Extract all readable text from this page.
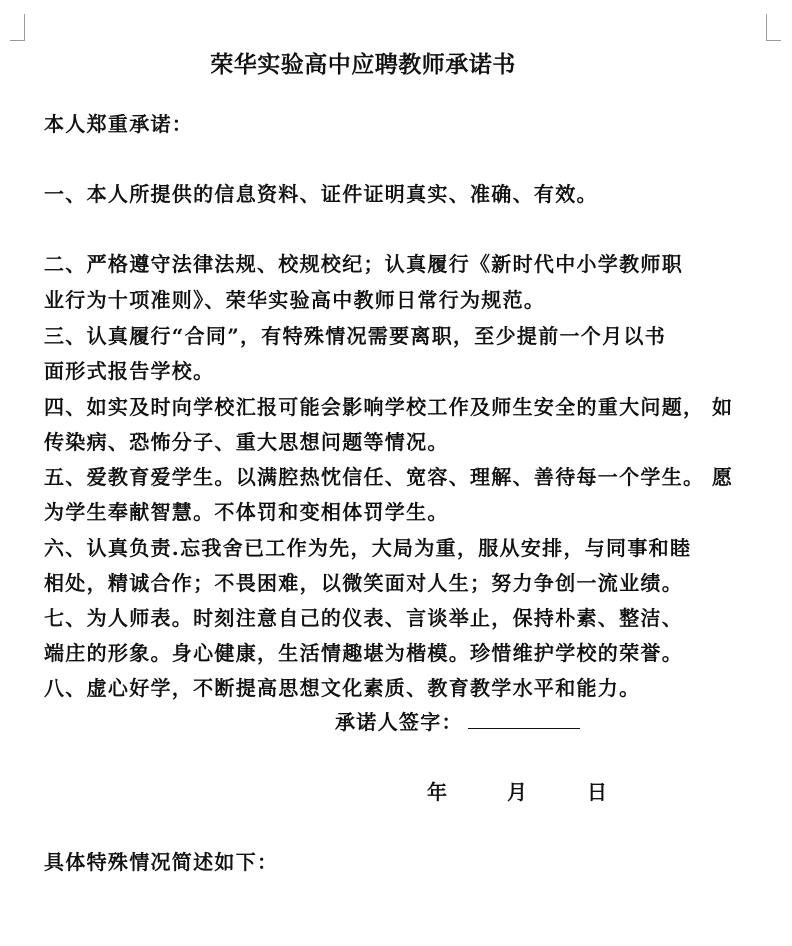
荣华实验高中应聘教师承诺书
本人郑重承诺：
一、本人所提供的信息资料、证件证明真实、准确、有效。
二、严格遵守法律法规、校规校纪；认真履行《新时代中小学教师职
业行为十项准则》、荣华实验高中教师日常行为规范。
三、认真履行“合同”，有特殊情况需要离职，至少提前一个月以书
面形式报告学校。
四、如实及时向学校汇报可能会影响学校工作及师生安全的重大问题， 如
传染病、恐怖分子、重大思想问题等情况。
五、爱教育爱学生。以满腔热忱信任、宽容、理解、善待每一个学生。 愿
为学生奉献智慧。不体罚和变相体罚学生。
六、认真负责.忘我舍已工作为先，大局为重，服从安排，与同事和睦
相处，精诚合作；不畏困难，以微笑面对人生；努力争创一流业绩。
七、为人师表。时刻注意自己的仪表、言谈举止，保持朴素、整洁、
端庄的形象。身心健康，生活情趣堪为楷模。珍惜维护学校的荣誉。
八、虚心好学，不断提高思想文化素质、教育教学水平和能力。
承诺人签字：
年	月	日
具体特殊情况简述如下：
